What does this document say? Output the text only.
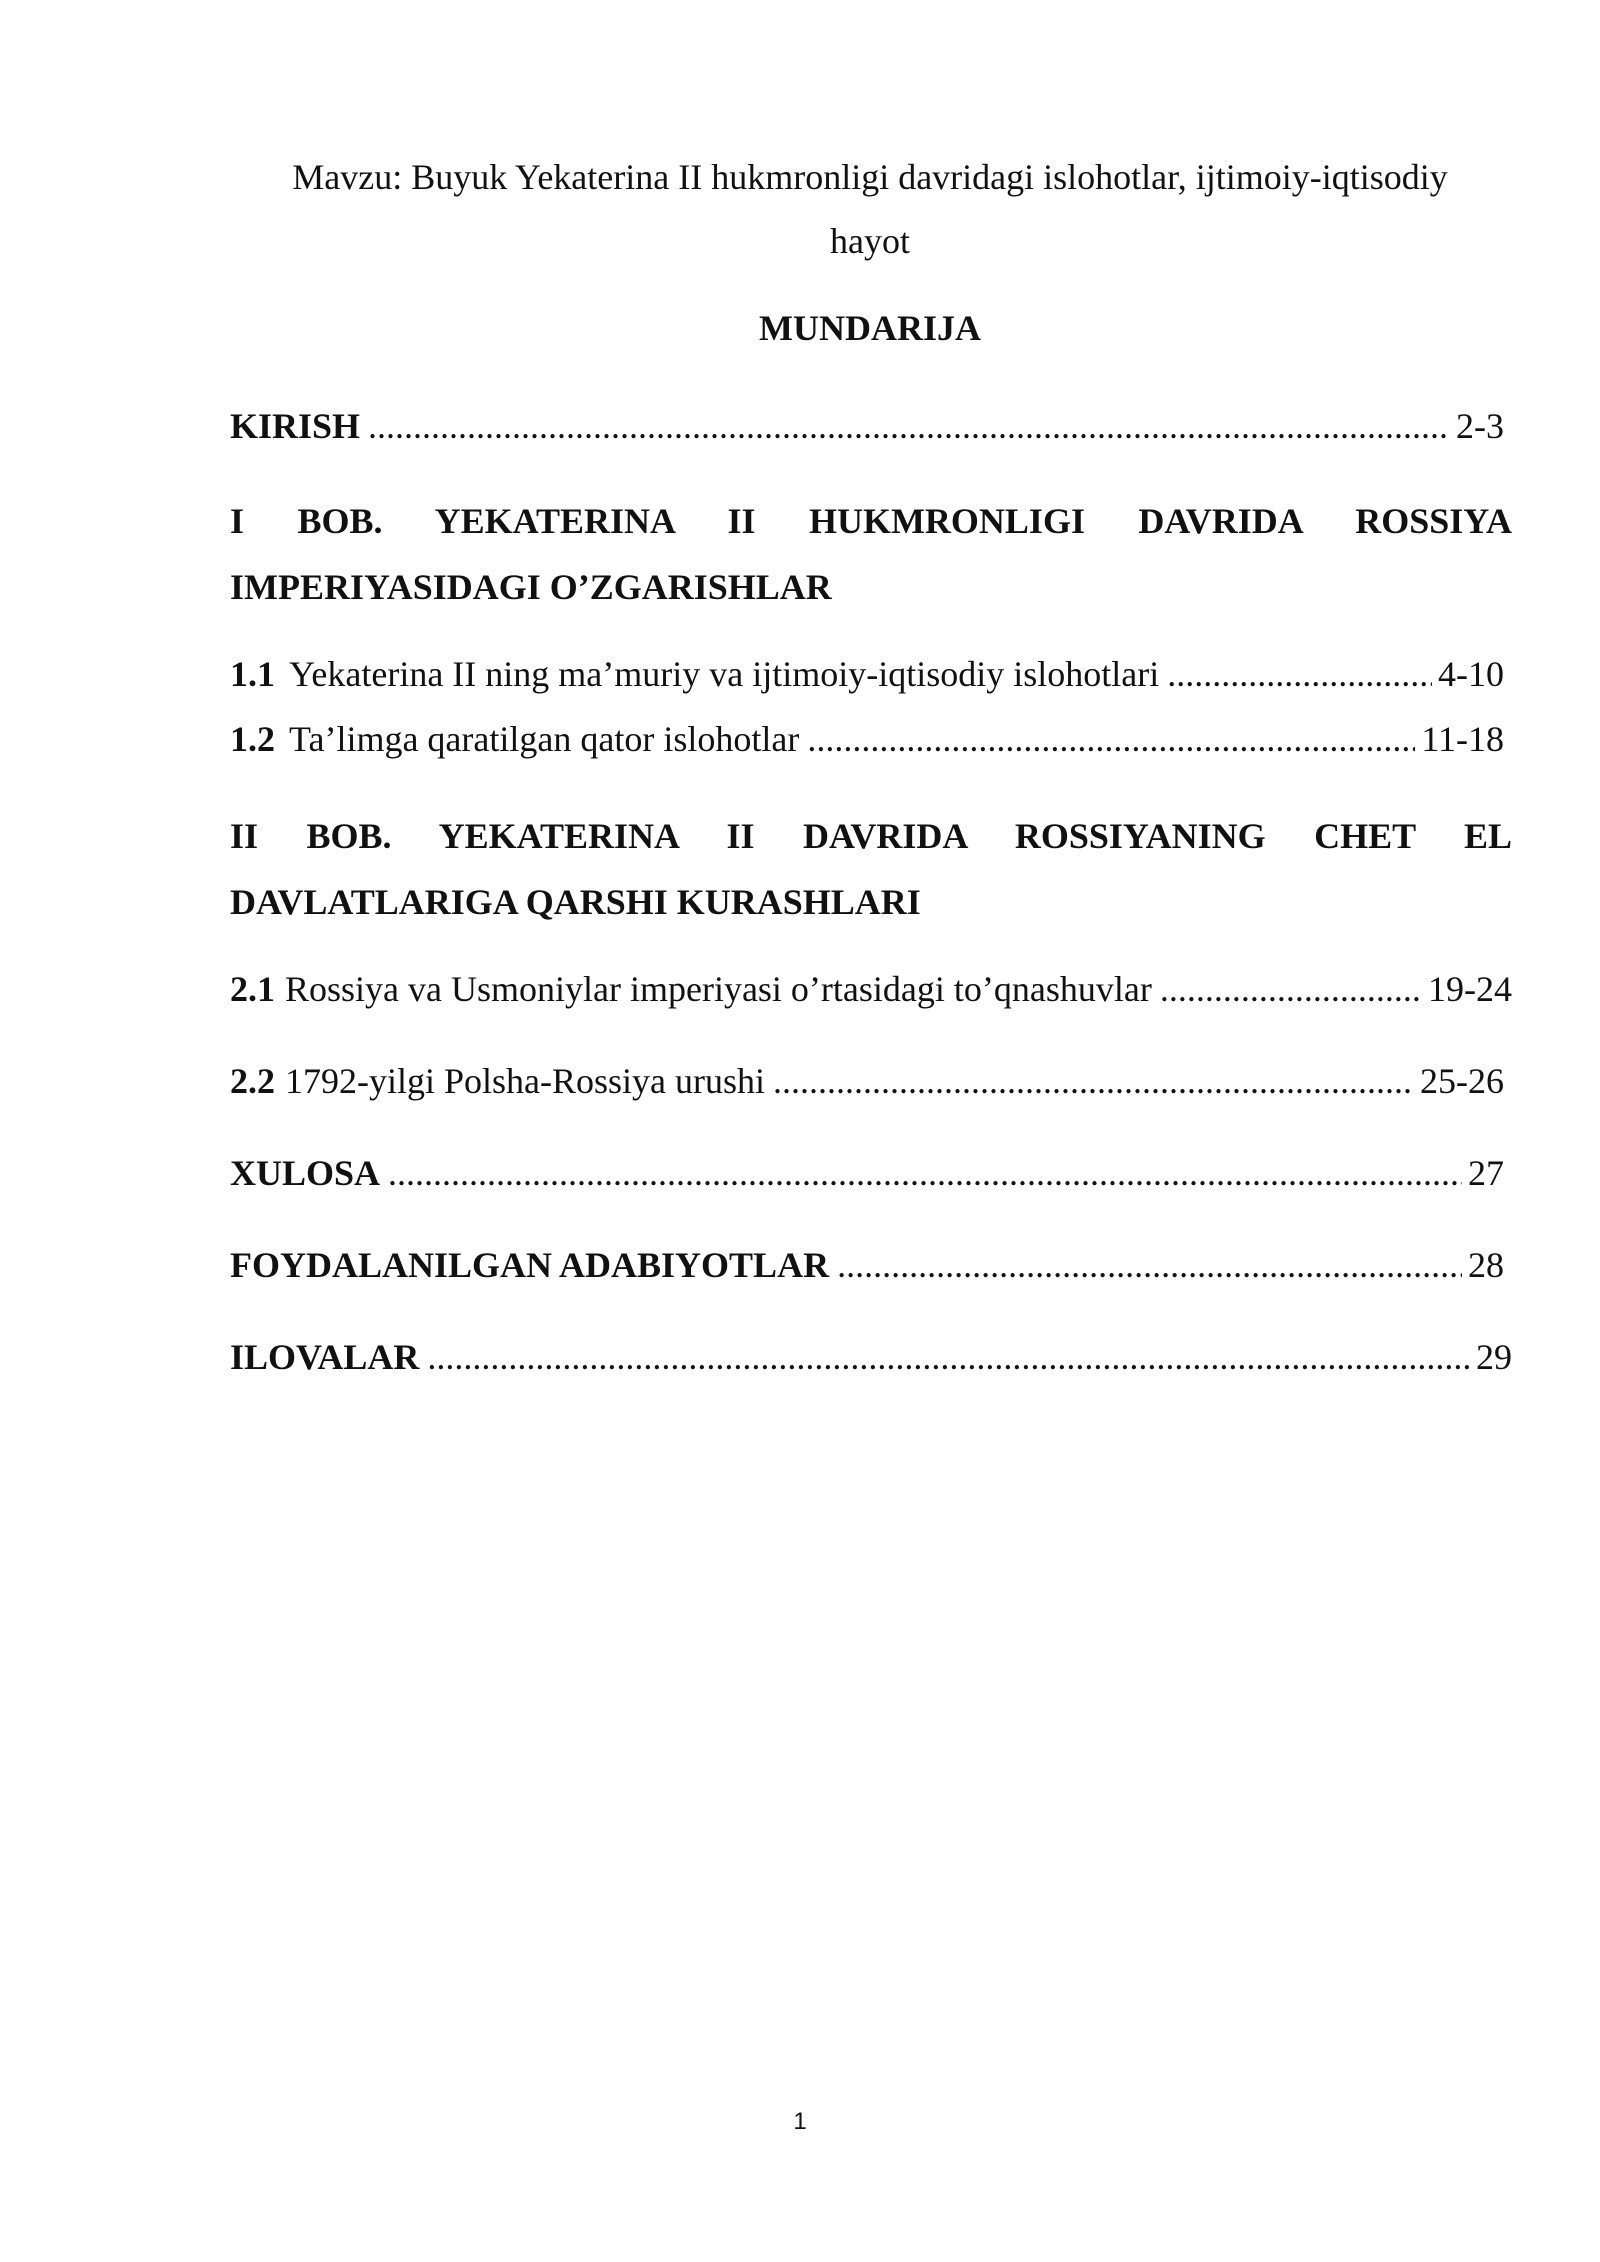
Mavzu: Buyuk Yekaterina II hukmronligi davridagi islohotlar, ijtimoiy-iqtisodiy
hayot
MUNDARIJA
KIRISH .....	2-3
I BOB. YEKATERINA II HUKMRONLIGI DAVRIDA ROSSIYA
IMPERIYASIDAGI O’ZGARISHLAR
1.1 Yekaterina II ning ma’muriy va ijtimoiy-iqtisodiy islohotlari .....	4-10
1.2 Ta’limga qaratilgan qator islohotlar .....	11-18
II BOB. YEKATERINA II DAVRIDA ROSSIYANING CHET EL
DAVLATLARIGA QARSHI KURASHLARI
2.1 Rossiya va Usmoniylar imperiyasi o’rtasidagi to’qnashuvlar .....	19-24
2.2 1792-yilgi Polsha-Rossiya urushi .....	25-26
XULOSA .....	27
FOYDALANILGAN ADABIYOTLAR .....	28
ILOVALAR .....	29
1
